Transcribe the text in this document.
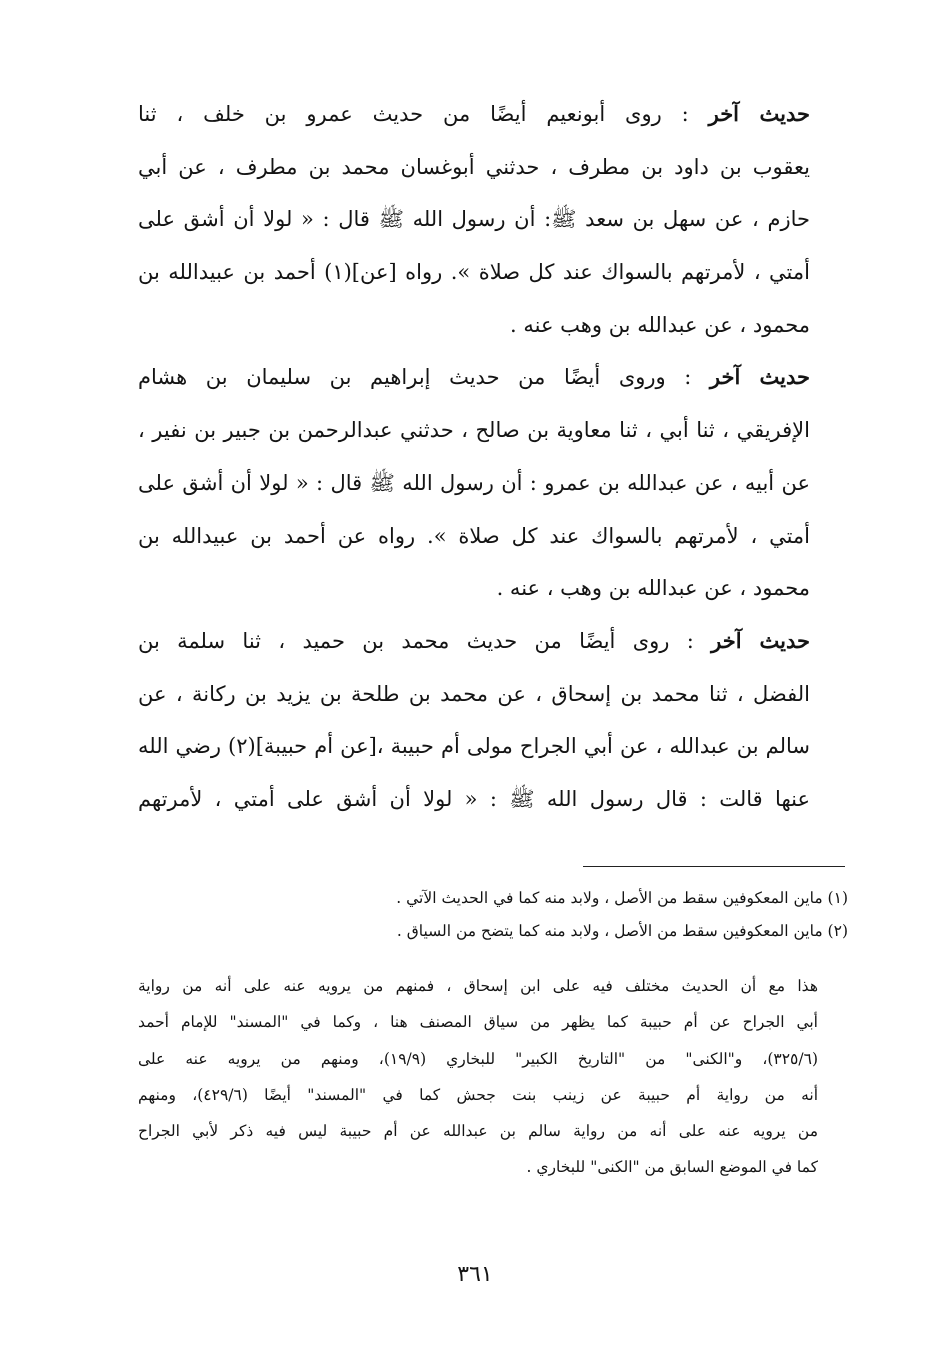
حديث آخر : روى أبونعيم أيضًا من حديث عمرو بن خلف ، ثنا
يعقوب بن داود بن مطرف ، حدثني أبوغسان محمد بن مطرف ، عن أبي
حازم ، عن سهل بن سعد ﷺ: أن رسول الله ﷺ قال : « لولا أن أشق على
أمتي ، لأمرتهم بالسواك عند كل صلاة ». رواه [عن](١) أحمد بن عبيدالله بن
محمود ، عن عبدالله بن وهب عنه .
حديث آخر : وروى أيضًا من حديث إبراهيم بن سليمان بن هشام
الإفريقي ، ثنا أبي ، ثنا معاوية بن صالح ، حدثني عبدالرحمن بن جبير بن نفير ،
عن أبيه ، عن عبدالله بن عمرو : أن رسول الله ﷺ قال : « لولا أن أشق على
أمتي ، لأمرتهم بالسواك عند كل صلاة ». رواه عن أحمد بن عبيدالله بن
محمود ، عن عبدالله بن وهب ، عنه .
حديث آخر : روى أيضًا من حديث محمد بن حميد ، ثنا سلمة بن
الفضل ، ثنا محمد بن إسحاق ، عن محمد بن طلحة بن يزيد بن ركانة ، عن
سالم بن عبدالله ، عن أبي الجراح مولى أم حبيبة ،[عن أم حبيبة](٢) رضي الله
عنها قالت : قال رسول الله ﷺ : « لولا أن أشق على أمتي ، لأمرتهم
(١) ماين المعكوفين سقط من الأصل ، ولابد منه كما في الحديث الآتي .
(٢) ماين المعكوفين سقط من الأصل ، ولابد منه كما يتضح من السياق .
هذا مع أن الحديث مختلف فيه على ابن إسحاق ، فمنهم من يرويه عنه على أنه من رواية
أبي الجراح عن أم حبيبة كما يظهر من سياق المصنف هنا ، وكما في "المسند" للإمام أحمد
(٣٢٥/٦)، و"الكنى" من "التاريخ الكبير" للبخاري (١٩/٩)، ومنهم من يرويه عنه على
أنه من رواية أم حبيبة عن زينب بنت جحش كما في "المسند" أيضًا (٤٢٩/٦)، ومنهم
من يرويه عنه على أنه من رواية سالم بن عبدالله عن أم حبيبة ليس فيه ذكر لأبي الجراح
كما في الموضع السابق من "الكنى" للبخاري .
٣٦١
